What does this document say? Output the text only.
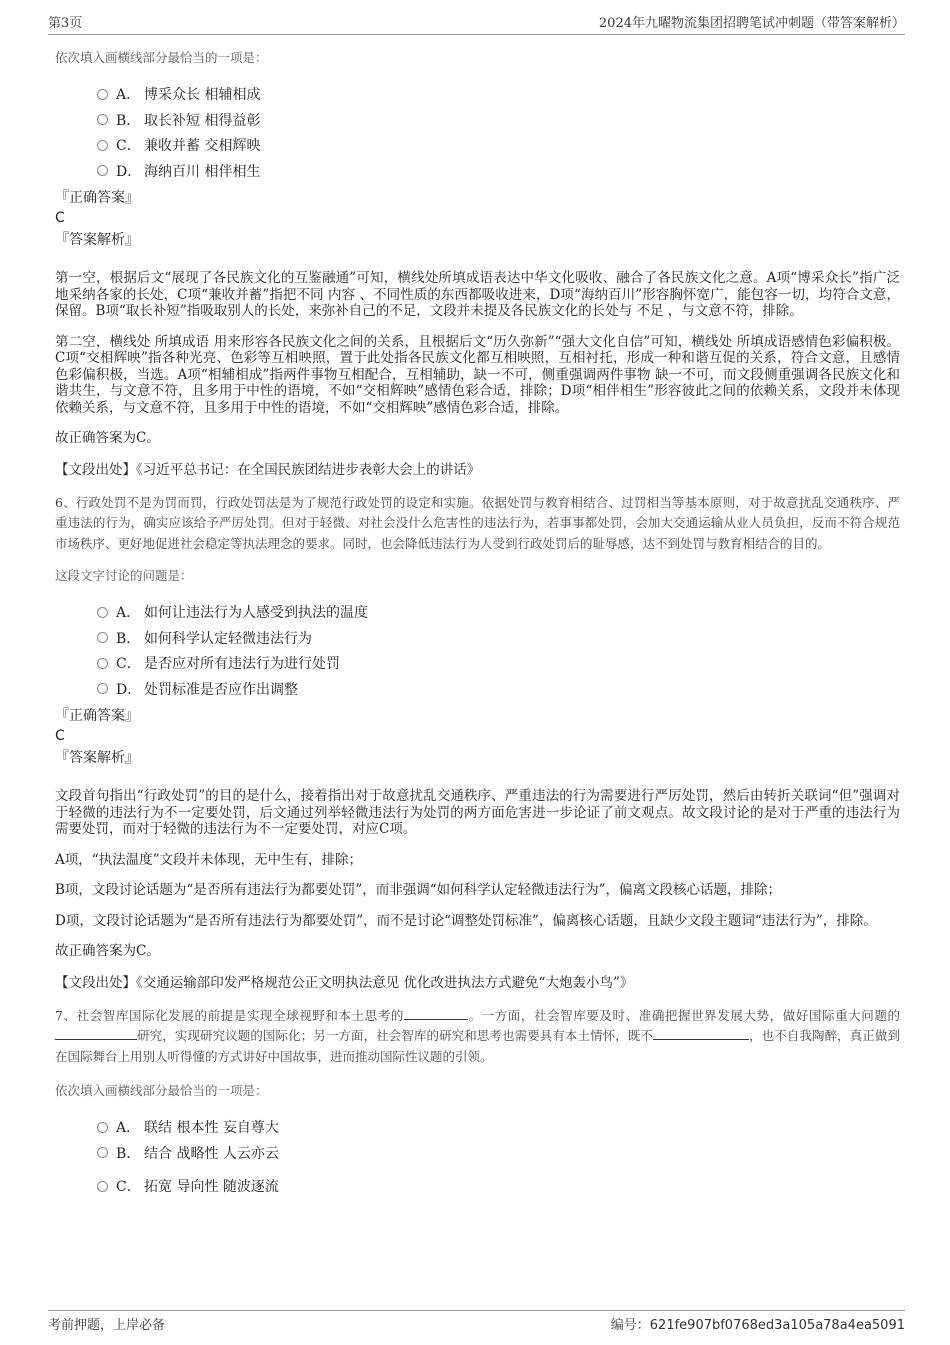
第3页	2024年九曜物流集团招聘笔试冲刺题（带答案解析）
依次填入画横线部分最恰当的一项是：
A． 博采众长 相辅相成
B． 取长补短 相得益彰
C． 兼收并蓄 交相辉映
D． 海纳百川 相伴相生
『正确答案』
C
『答案解析』
第一空，根据后文“展现了各民族文化的互鉴融通”可知，横线处所填成语表达中华文化吸收、融合了各民族文化之意。A项“博采众长”指广泛地采纳各家的长处，C项“兼收并蓄”指把不同 内容 、不同性质的东西都吸收进来，D项“海纳百川”形容胸怀宽广，能包容一切，均符合文意，保留。B项“取长补短”指吸取别人的长处，来弥补自己的不足，文段并未提及各民族文化的长处与 不足 ，与文意不符，排除。
第二空，横线处 所填成语 用来形容各民族文化之间的关系，且根据后文“历久弥新”“强大文化自信”可知，横线处 所填成语感情色彩偏积极。C项“交相辉映”指各种光亮、色彩等互相映照，置于此处指各民族文化都互相映照，互相衬托，形成一种和谐互促的关系，符合文意，且感情色彩偏积极，当选。A项“相辅相成”指两件事物互相配合，互相辅助，缺一不可，侧重强调两件事物 缺一不可，而文段侧重强调各民族文化和谐共生，与文意不符，且多用于中性的语境，不如“交相辉映”感情色彩合适，排除；D项“相伴相生”形容彼此之间的依赖关系，文段并未体现依赖关系，与文意不符，且多用于中性的语境，不如“交相辉映”感情色彩合适，排除。
故正确答案为C。
【文段出处】《习近平总书记：在全国民族团结进步表彰大会上的讲话》
6、行政处罚不是为罚而罚，行政处罚法是为了规范行政处罚的设定和实施。依据处罚与教育相结合、过罚相当等基本原则，对于故意扰乱交通秩序、严重违法的行为，确实应该给予严厉处罚。但对于轻微、对社会没什么危害性的违法行为，若事事都处罚，会加大交通运输从业人员负担，反而不符合规范市场秩序、更好地促进社会稳定等执法理念的要求。同时，也会降低违法行为人受到行政处罚后的耻辱感，达不到处罚与教育相结合的目的。
这段文字讨论的问题是：
A． 如何让违法行为人感受到执法的温度
B． 如何科学认定轻微违法行为
C． 是否应对所有违法行为进行处罚
D． 处罚标准是否应作出调整
『正确答案』
C
『答案解析』
文段首句指出“行政处罚”的目的是什么，接着指出对于故意扰乱交通秩序、严重违法的行为需要进行严厉处罚，然后由转折关联词“但”强调对于轻微的违法行为不一定要处罚，后文通过列举轻微违法行为处罚的两方面危害进一步论证了前文观点。故文段讨论的是对于严重的违法行为需要处罚，而对于轻微的违法行为不一定要处罚，对应C项。
A项，“执法温度”文段并未体现，无中生有，排除；
B项，文段讨论话题为“是否所有违法行为都要处罚”，而非强调“如何科学认定轻微违法行为”，偏离文段核心话题，排除；
D项，文段讨论话题为“是否所有违法行为都要处罚”，而不是讨论“调整处罚标准”，偏离核心话题，且缺少文段主题词“违法行为”，排除。
故正确答案为C。
【文段出处】《交通运输部印发严格规范公正文明执法意见 优化改进执法方式避免“大炮轰小鸟”》
7、社会智库国际化发展的前提是实现全球视野和本土思考的	。一方面，社会智库要及时、准确把握世界发展大势，做好国际重大问题的研究，实现研究议题的国际化；另一方面，社会智库的研究和思考也需要具有本土情怀，既不	，也不自我陶醉，真正做到在国际舞台上用别人听得懂的方式讲好中国故事，进而推动国际性议题的引领。
依次填入画横线部分最恰当的一项是：
A． 联结 根本性 妄自尊大
B． 结合 战略性 人云亦云
C． 拓宽 导向性 随波逐流
考前押题，上岸必备	编号：621fe907bf0768ed3a105a78a4ea5091
